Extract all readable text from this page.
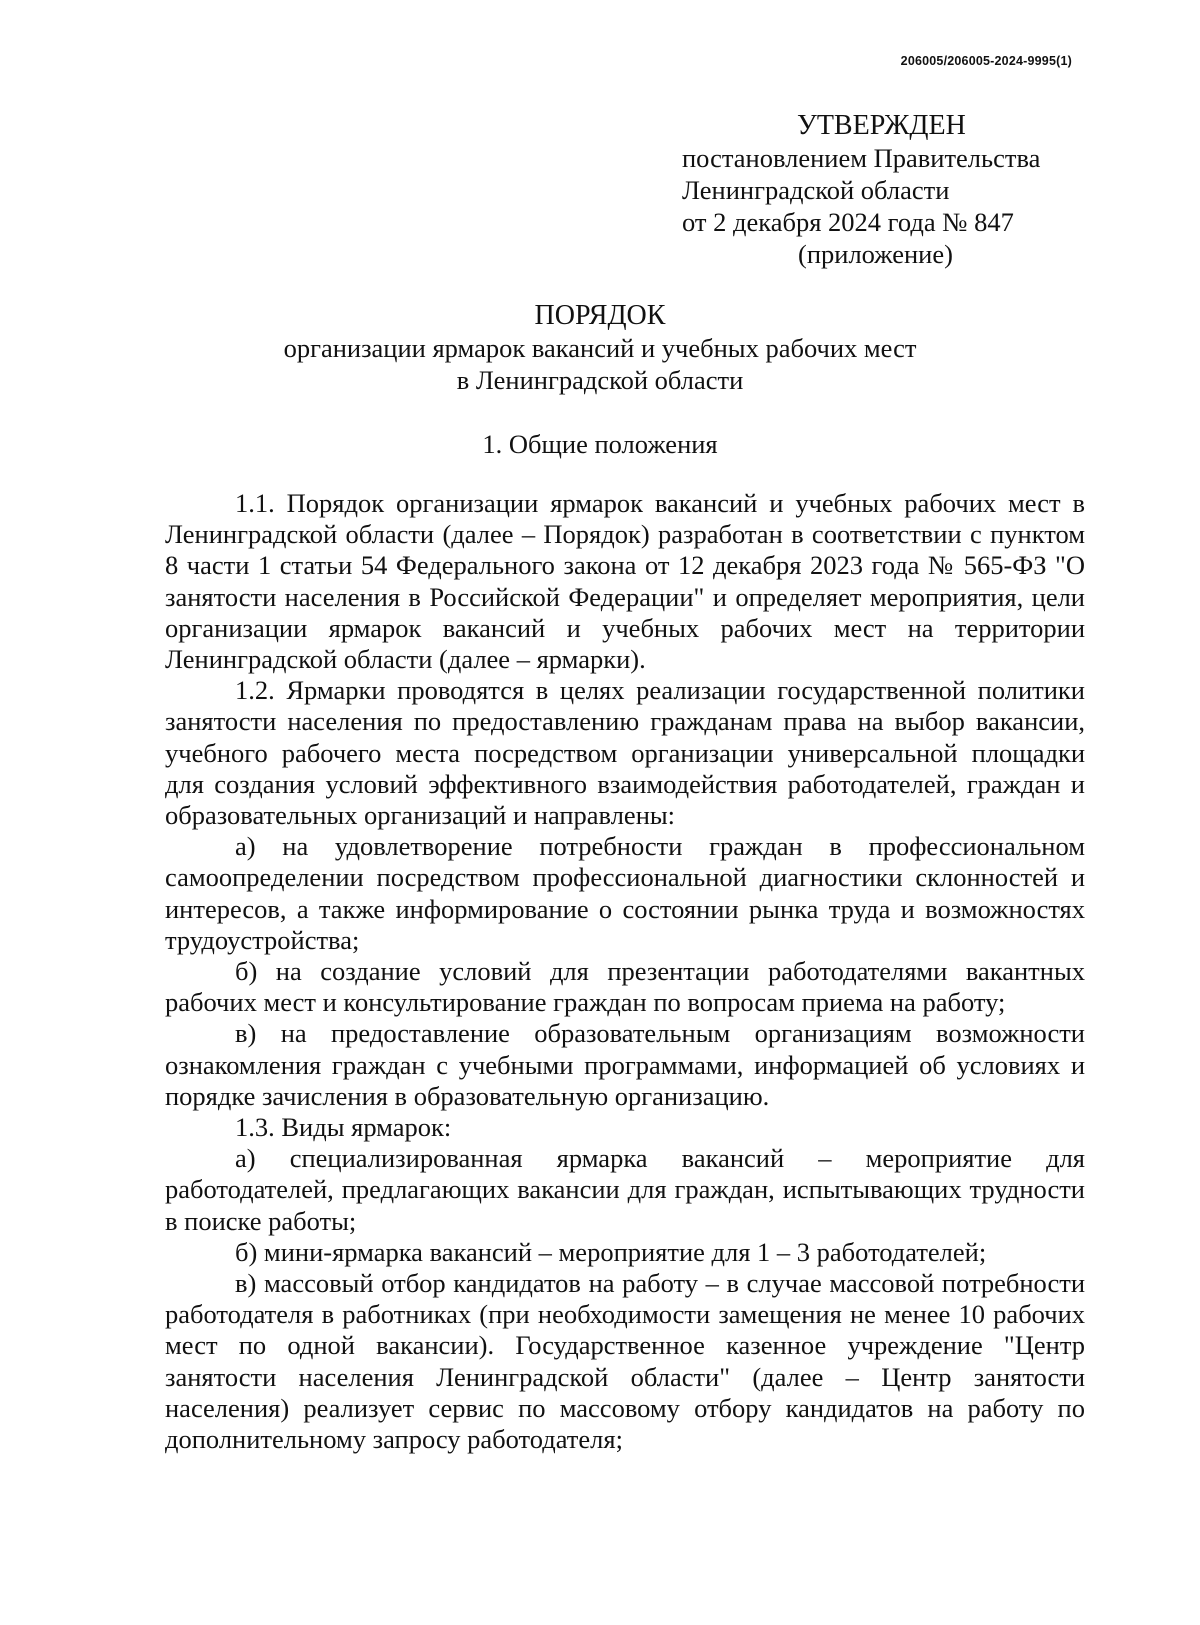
206005/206005-2024-9995(1)
УТВЕРЖДЕН
постановлением Правительства
Ленинградской области
от 2 декабря 2024 года № 847
(приложение)
ПОРЯДОК
организации ярмарок вакансий и учебных рабочих мест
в Ленинградской области
1. Общие положения

1.1. Порядок организации ярмарок вакансий и учебных рабочих мест в Ленинградской области (далее – Порядок) разработан в соответствии с пунктом 8 части 1 статьи 54 Федерального закона от 12 декабря 2023 года № 565-ФЗ "О занятости населения в Российской Федерации" и определяет мероприятия, цели организации ярмарок вакансий и учебных рабочих мест на территории Ленинградской области (далее – ярмарки).

1.2. Ярмарки проводятся в целях реализации государственной политики занятости населения по предоставлению гражданам права на выбор вакансии, учебного рабочего места посредством организации универсальной площадки для создания условий эффективного взаимодействия работодателей, граждан и образовательных организаций и направлены:

а) на удовлетворение потребности граждан в профессиональном самоопределении посредством профессиональной диагностики склонностей и интересов, а также информирование о состоянии рынка труда и возможностях трудоустройства;

б) на создание условий для презентации работодателями вакантных рабочих мест и консультирование граждан по вопросам приема на работу;

в) на предоставление образовательным организациям возможности ознакомления граждан с учебными программами, информацией об условиях и порядке зачисления в образовательную организацию.

1.3. Виды ярмарок:

а) специализированная ярмарка вакансий – мероприятие для работодателей, предлагающих вакансии для граждан, испытывающих трудности в поиске работы;

б) мини-ярмарка вакансий – мероприятие для 1 – 3 работодателей;

в) массовый отбор кандидатов на работу – в случае массовой потребности работодателя в работниках (при необходимости замещения не менее 10 рабочих мест по одной вакансии). Государственное казенное учреждение "Центр занятости населения Ленинградской области" (далее – Центр занятости населения) реализует сервис по массовому отбору кандидатов на работу по дополнительному запросу работодателя;
